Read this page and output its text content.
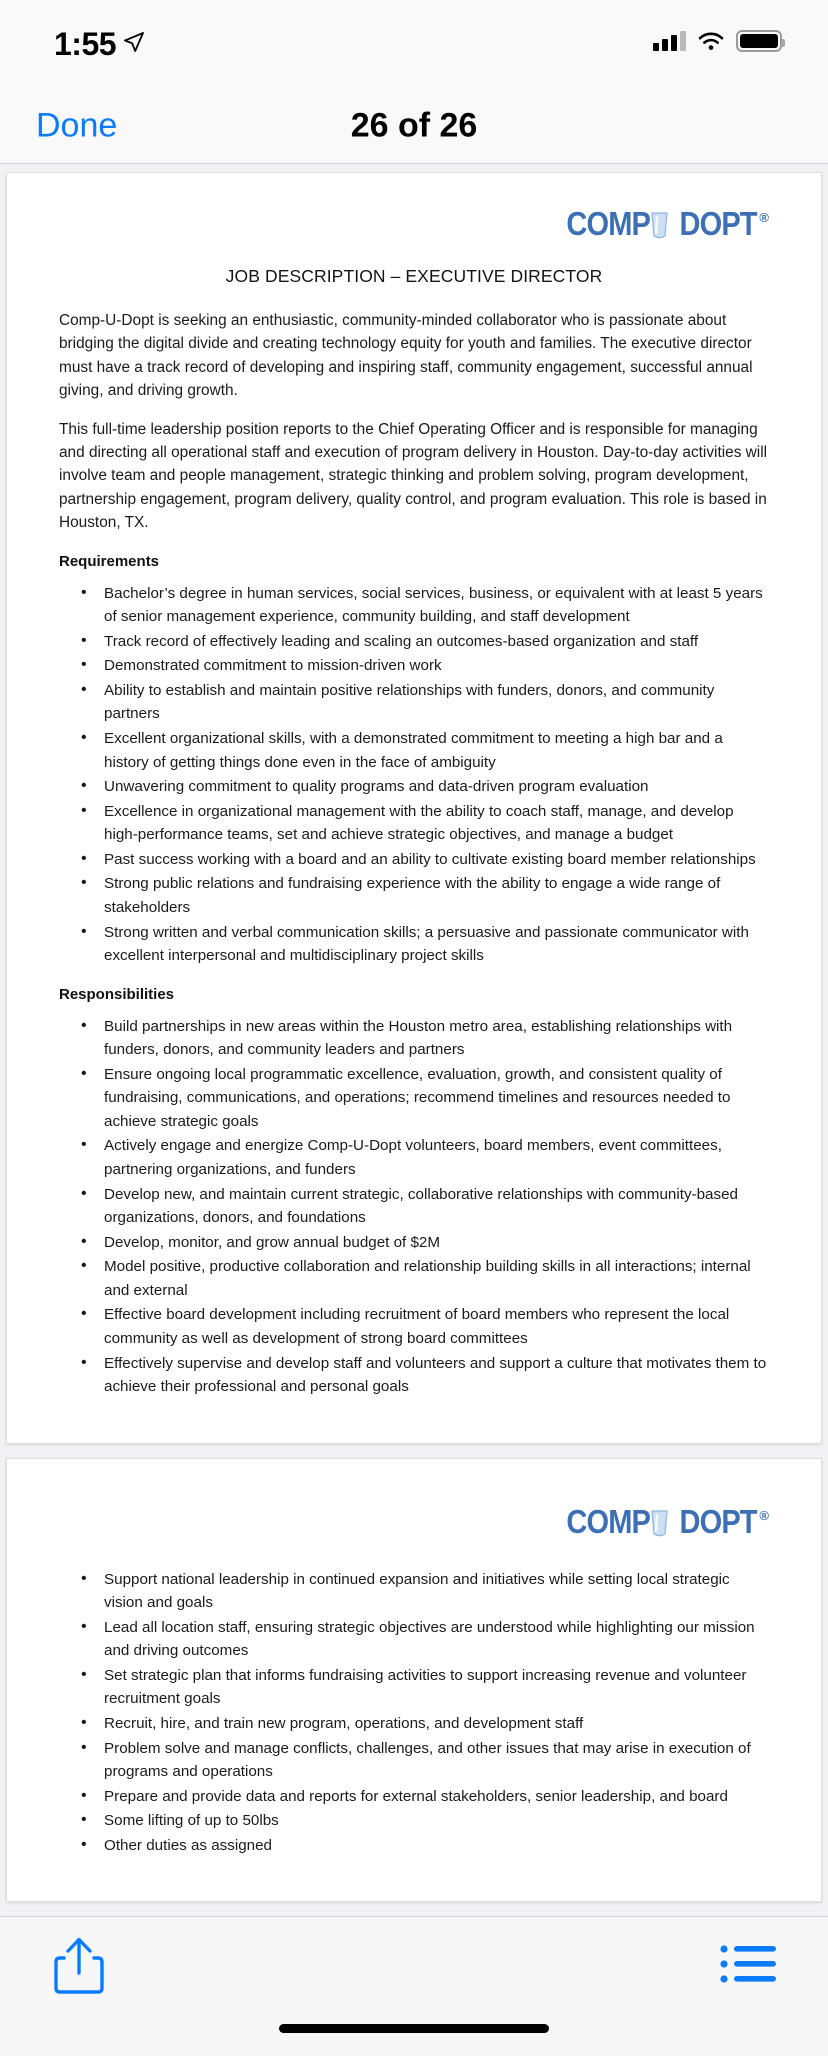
1:55
Done	26 of 26
COMP DOPT ®
JOB DESCRIPTION – EXECUTIVE DIRECTOR
Comp-U-Dopt is seeking an enthusiastic, community-minded collaborator who is passionate about bridging the digital divide and creating technology equity for youth and families. The executive director must have a track record of developing and inspiring staff, community engagement, successful annual giving, and driving growth.
This full-time leadership position reports to the Chief Operating Officer and is responsible for managing and directing all operational staff and execution of program delivery in Houston. Day-to-day activities will involve team and people management, strategic thinking and problem solving, program development, partnership engagement, program delivery, quality control, and program evaluation. This role is based in Houston, TX.
Requirements
• Bachelor’s degree in human services, social services, business, or equivalent with at least 5 years of senior management experience, community building, and staff development
• Track record of effectively leading and scaling an outcomes-based organization and staff
• Demonstrated commitment to mission-driven work
• Ability to establish and maintain positive relationships with funders, donors, and community partners
• Excellent organizational skills, with a demonstrated commitment to meeting a high bar and a history of getting things done even in the face of ambiguity
• Unwavering commitment to quality programs and data-driven program evaluation
• Excellence in organizational management with the ability to coach staff, manage, and develop high-performance teams, set and achieve strategic objectives, and manage a budget
• Past success working with a board and an ability to cultivate existing board member relationships
• Strong public relations and fundraising experience with the ability to engage a wide range of stakeholders
• Strong written and verbal communication skills; a persuasive and passionate communicator with excellent interpersonal and multidisciplinary project skills
Responsibilities
• Build partnerships in new areas within the Houston metro area, establishing relationships with funders, donors, and community leaders and partners
• Ensure ongoing local programmatic excellence, evaluation, growth, and consistent quality of fundraising, communications, and operations; recommend timelines and resources needed to achieve strategic goals
• Actively engage and energize Comp-U-Dopt volunteers, board members, event committees, partnering organizations, and funders
• Develop new, and maintain current strategic, collaborative relationships with community-based organizations, donors, and foundations
• Develop, monitor, and grow annual budget of $2M
• Model positive, productive collaboration and relationship building skills in all interactions; internal and external
• Effective board development including recruitment of board members who represent the local community as well as development of strong board committees
• Effectively supervise and develop staff and volunteers and support a culture that motivates them to achieve their professional and personal goals
COMP DOPT ®
• Support national leadership in continued expansion and initiatives while setting local strategic vision and goals
• Lead all location staff, ensuring strategic objectives are understood while highlighting our mission and driving outcomes
• Set strategic plan that informs fundraising activities to support increasing revenue and volunteer recruitment goals
• Recruit, hire, and train new program, operations, and development staff
• Problem solve and manage conflicts, challenges, and other issues that may arise in execution of programs and operations
• Prepare and provide data and reports for external stakeholders, senior leadership, and board
• Some lifting of up to 50lbs
• Other duties as assigned
